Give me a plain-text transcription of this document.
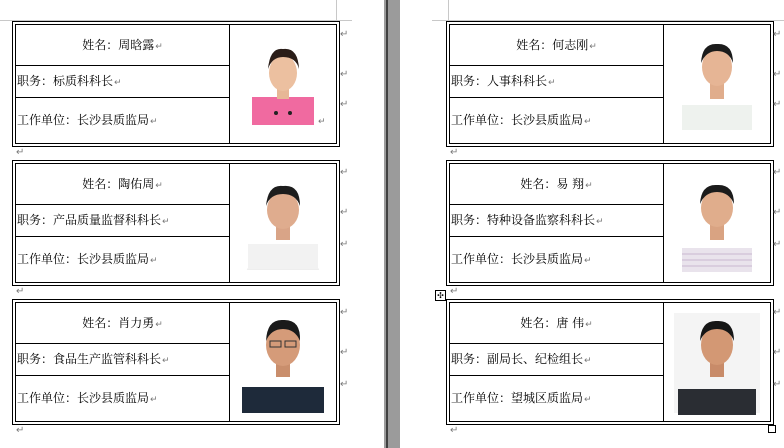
姓名：周晗露↵
职务：标质科科长↵
工作单位：长沙县质监局↵	↵
姓名：陶佑周↵
职务：产品质量监督科科长↵
工作单位：长沙县质监局↵
姓名：肖力勇↵
职务：食品生产监管科科长↵
工作单位：长沙县质监局↵
姓名：何志刚↵
职务：人事科科长↵
工作单位：长沙县质监局↵
姓名：易 翔↵
职务：特种设备监察科科长↵
工作单位：长沙县质监局↵
姓名：唐 伟↵
职务：副局长、纪检组长↵
工作单位：望城区质监局↵
↵
↵
↵
↵
↵
↵
↵
↵
↵
↵
↵
↵
↵
↵
↵
↵
↵
↵
↵
↵
↵
↵
↵
↵
✣
